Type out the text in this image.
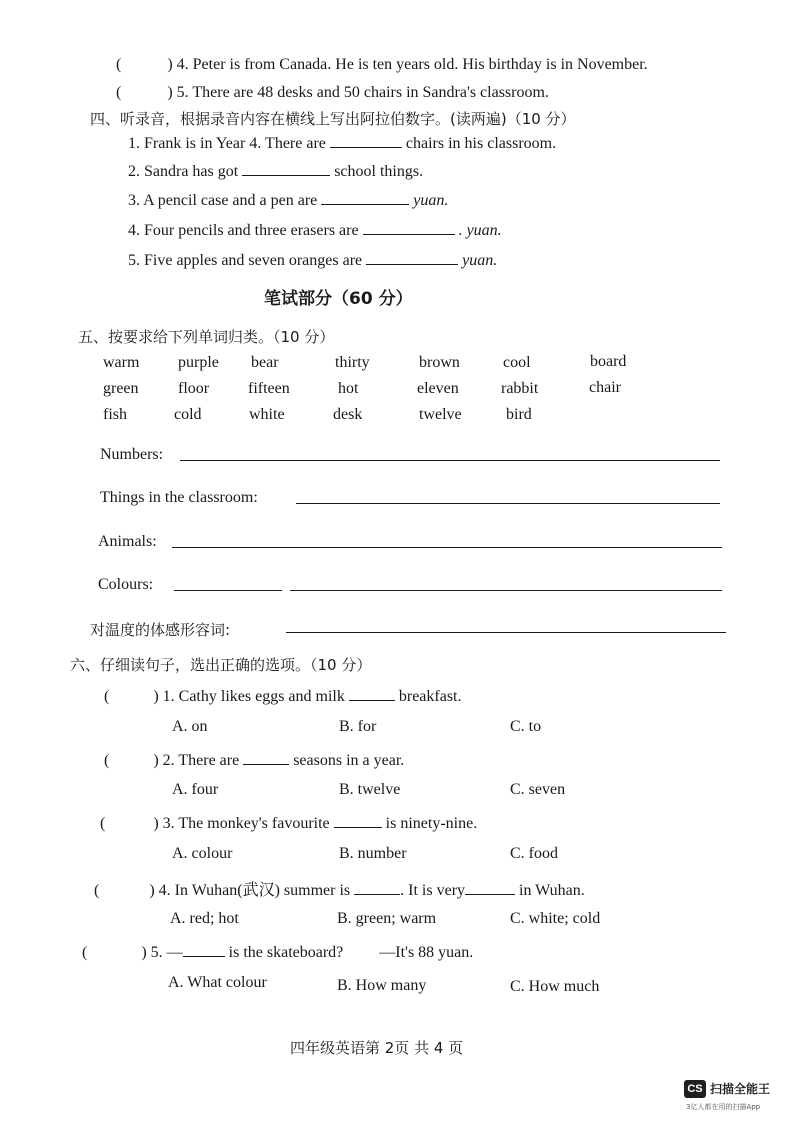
(	) 4. Peter is from Canada. He is ten years old. His birthday is in November.
(	) 5. There are 48 desks and 50 chairs in Sandra's classroom.
四、听录音，根据录音内容在横线上写出阿拉伯数字。(读两遍)（10 分）
1. Frank is in Year 4. There are	chairs in his classroom.
2. Sandra has got	school things.
3. A pencil case and a pen are	yuan.
4. Four pencils and three erasers are	. yuan.
5. Five apples and seven oranges are	yuan.
笔试部分（60 分）
五、按要求给下列单词归类。（10 分）
warm purple bear	thirty	brown	cool	board
green floor fifteen	hot	eleven	rabbit	chair
fish	cold	white	desk	twelve	bird
Numbers:
Things in the classroom:
Animals:
Colours:
对温度的体感形容词:
六、仔细读句子，选出正确的选项。（10 分）
(	) 1. Cathy likes eggs and milk	breakfast.
A. on	B. for	C. to
(	) 2. There are	seasons in a year.
A. four	B. twelve	C. seven
(	) 3. The monkey's favourite	is ninety-nine.
A. colour	B. number	C. food
(	) 4. In Wuhan(武汉) summer is	. It is very	in Wuhan.
A. red; hot	B. green; warm	C. white; cold
(	) 5. —	is the skateboard? —It's 88 yuan.
A. What colour	B. How many	C. How much
四年级英语第 2页 共 4 页
CS 扫描全能王
3亿人都在用的扫描App
